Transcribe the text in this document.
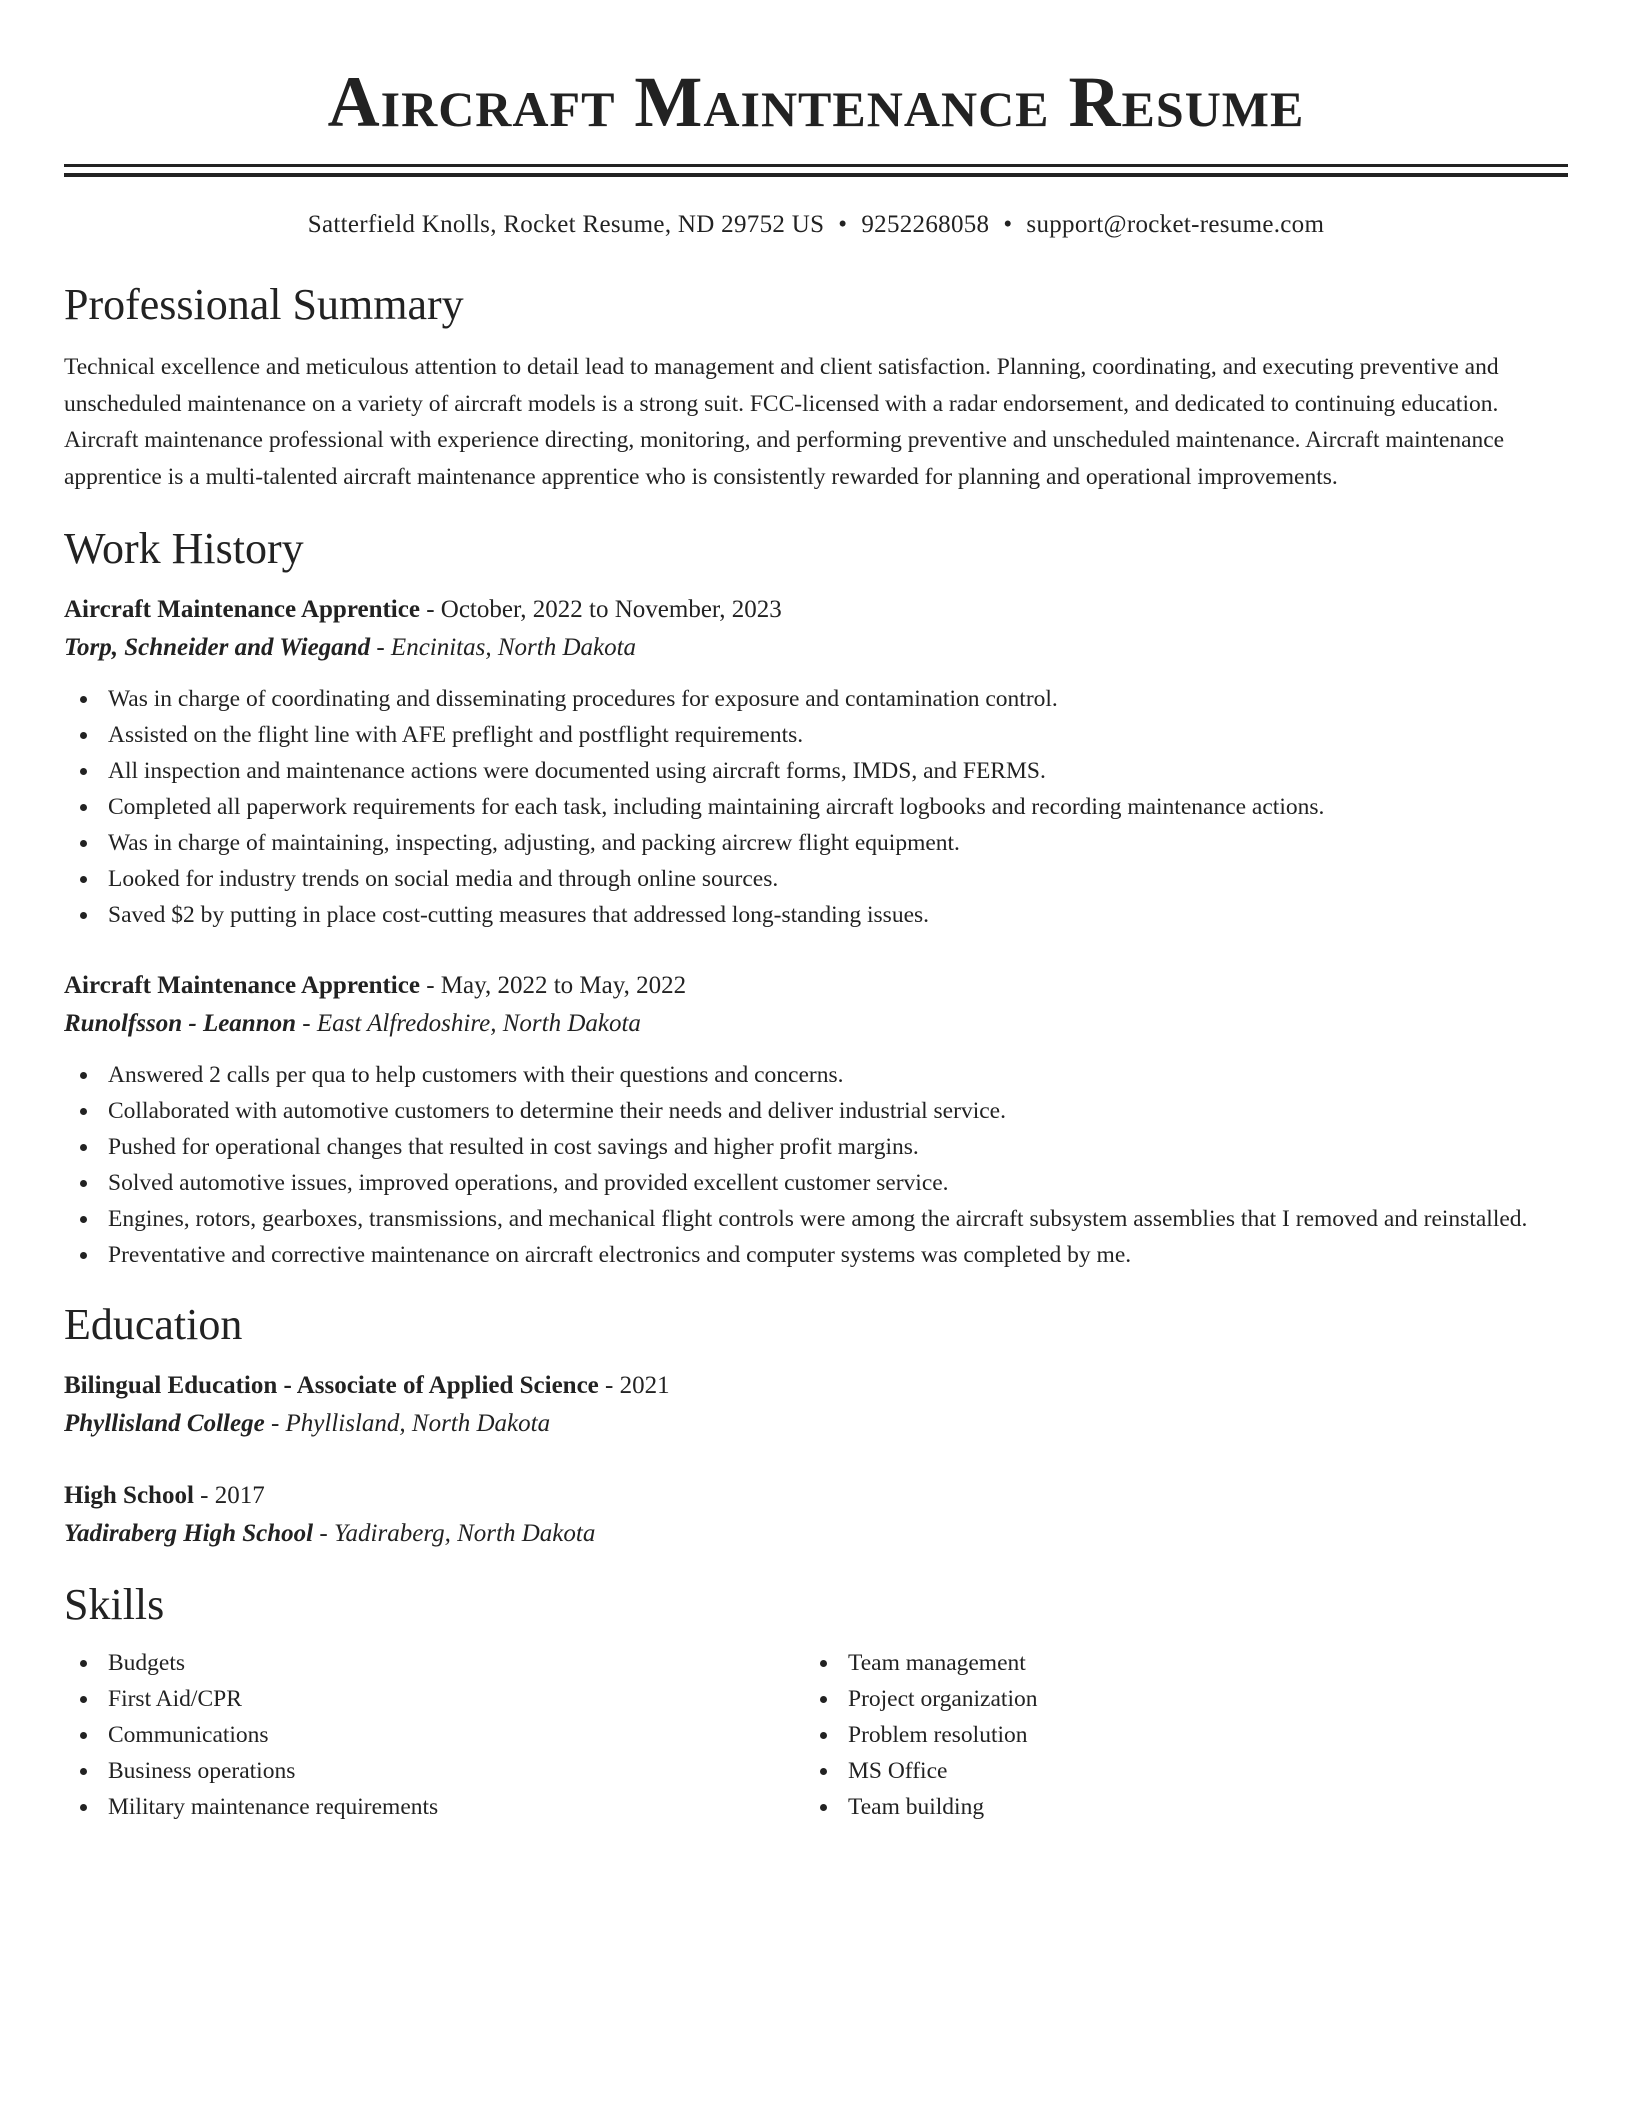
Aircraft Maintenance Resume
Satterfield Knolls, Rocket Resume, ND 29752 US • 9252268058 • support@rocket-resume.com
Professional Summary

Technical excellence and meticulous attention to detail lead to management and client satisfaction. Planning, coordinating, and executing preventive and unscheduled maintenance on a variety of aircraft models is a strong suit. FCC-licensed with a radar endorsement, and dedicated to continuing education. Aircraft maintenance professional with experience directing, monitoring, and performing preventive and unscheduled maintenance. Aircraft maintenance apprentice is a multi-talented aircraft maintenance apprentice who is consistently rewarded for planning and operational improvements.

Work History
Aircraft Maintenance Apprentice - October, 2022 to November, 2023
Torp, Schneider and Wiegand - Encinitas, North Dakota
Was in charge of coordinating and disseminating procedures for exposure and contamination control.
Assisted on the flight line with AFE preflight and postflight requirements.
All inspection and maintenance actions were documented using aircraft forms, IMDS, and FERMS.
Completed all paperwork requirements for each task, including maintaining aircraft logbooks and recording maintenance actions.
Was in charge of maintaining, inspecting, adjusting, and packing aircrew flight equipment.
Looked for industry trends on social media and through online sources.
Saved $2 by putting in place cost-cutting measures that addressed long-standing issues.
Aircraft Maintenance Apprentice - May, 2022 to May, 2022
Runolfsson - Leannon - East Alfredoshire, North Dakota
Answered 2 calls per qua to help customers with their questions and concerns.
Collaborated with automotive customers to determine their needs and deliver industrial service.
Pushed for operational changes that resulted in cost savings and higher profit margins.
Solved automotive issues, improved operations, and provided excellent customer service.
Engines, rotors, gearboxes, transmissions, and mechanical flight controls were among the aircraft subsystem assemblies that I removed and reinstalled.
Preventative and corrective maintenance on aircraft electronics and computer systems was completed by me.
Education
Bilingual Education - Associate of Applied Science - 2021
Phyllisland College - Phyllisland, North Dakota
High School - 2017
Yadiraberg High School - Yadiraberg, North Dakota
Skills
Budgets
First Aid/CPR
Communications
Business operations
Military maintenance requirements
Team management
Project organization
Problem resolution
MS Office
Team building
